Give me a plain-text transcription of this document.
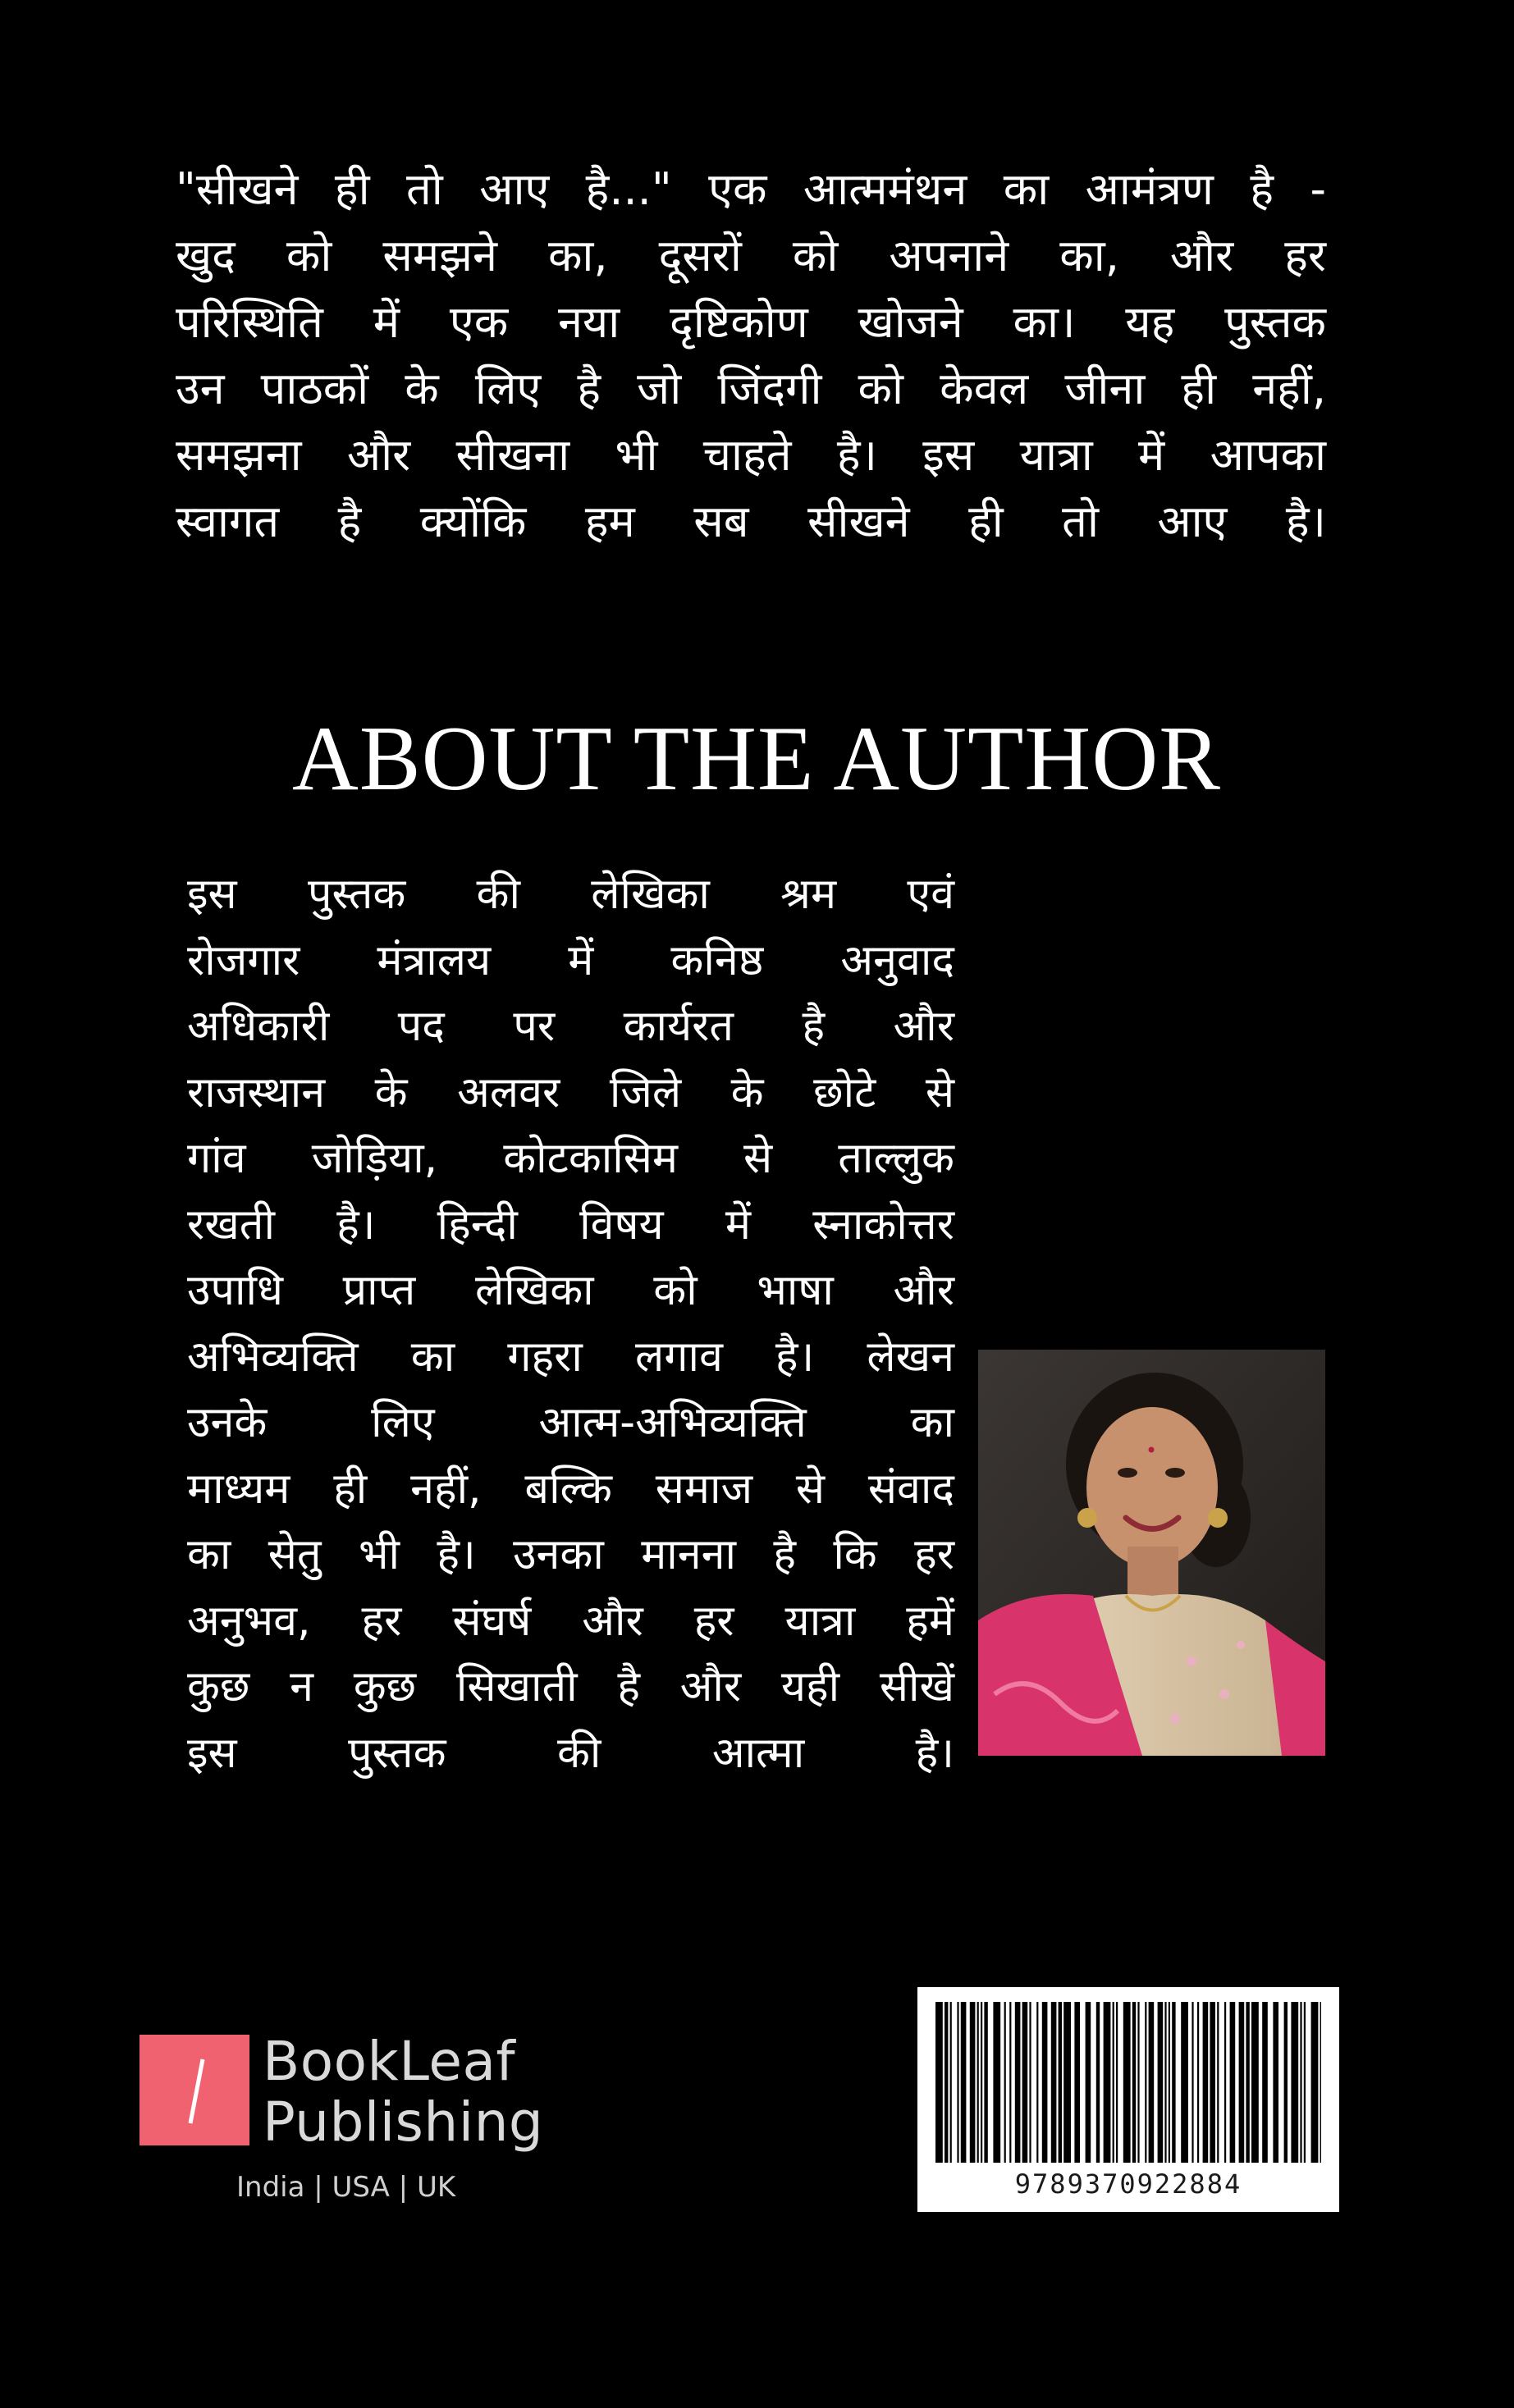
"सीखने ही तो आए है..." एक आत्ममंथन का आमंत्रण है -
खुद को समझने का, दूसरों को अपनाने का, और हर
परिस्थिति में एक नया दृष्टिकोण खोजने का। यह पुस्तक
उन पाठकों के लिए है जो जिंदगी को केवल जीना ही नहीं,
समझना और सीखना भी चाहते है। इस यात्रा में आपका
स्वागत है क्योंकि हम सब सीखने ही तो आए है।
ABOUT THE AUTHOR
इस पुस्तक की लेखिका श्रम एवं
रोजगार मंत्रालय में कनिष्ठ अनुवाद
अधिकारी पद पर कार्यरत है और
राजस्थान के अलवर जिले के छोटे से
गांव जोड़िया, कोटकासिम से ताल्लुक
रखती है। हिन्दी विषय में स्नाकोत्तर
उपाधि प्राप्त लेखिका को भाषा और
अभिव्यक्ति का गहरा लगाव है। लेखन
उनके लिए आत्म-अभिव्यक्ति का
माध्यम ही नहीं, बल्कि समाज से संवाद
का सेतु भी है। उनका मानना है कि हर
अनुभव, हर संघर्ष और हर यात्रा हमें
कुछ न कुछ सिखाती है और यही सीखें
इस पुस्तक की आत्मा है।
BookLeaf
Publishing
India | USA | UK	9789370922884
